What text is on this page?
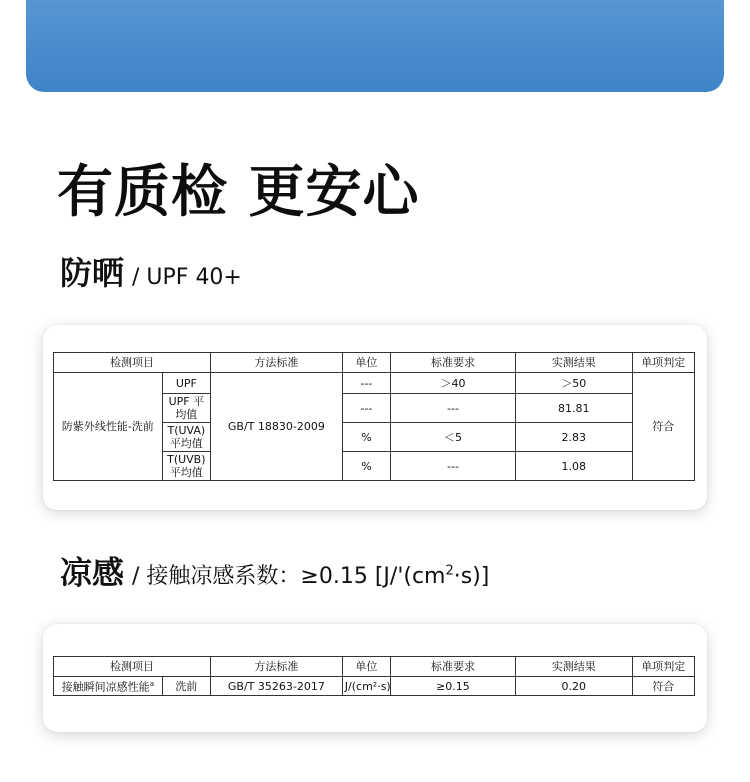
有质检 更安心
防晒 / UPF 40+
检测项目		方法标准	单位	标准要求	实测结果	单项判定
防紫外线性能-洗前	UPF	GB/T 18830-2009	---	＞40	＞50	符合
	UPF 平均值		---	---	81.81	
	T(UVA)平均值		%	＜5	2.83	
	T(UVB)平均值		%	---	1.08	
凉感 / 接触凉感系数：≥0.15 $[J/'(cm^2\cdot s)]$
检测项目		方法标准	单位	标准要求	实测结果	单项判定
接触瞬间凉感性能$^a$	洗前	GB/T 35263-2017	J/(cm²·s)	≥0.15	0.20	符合
